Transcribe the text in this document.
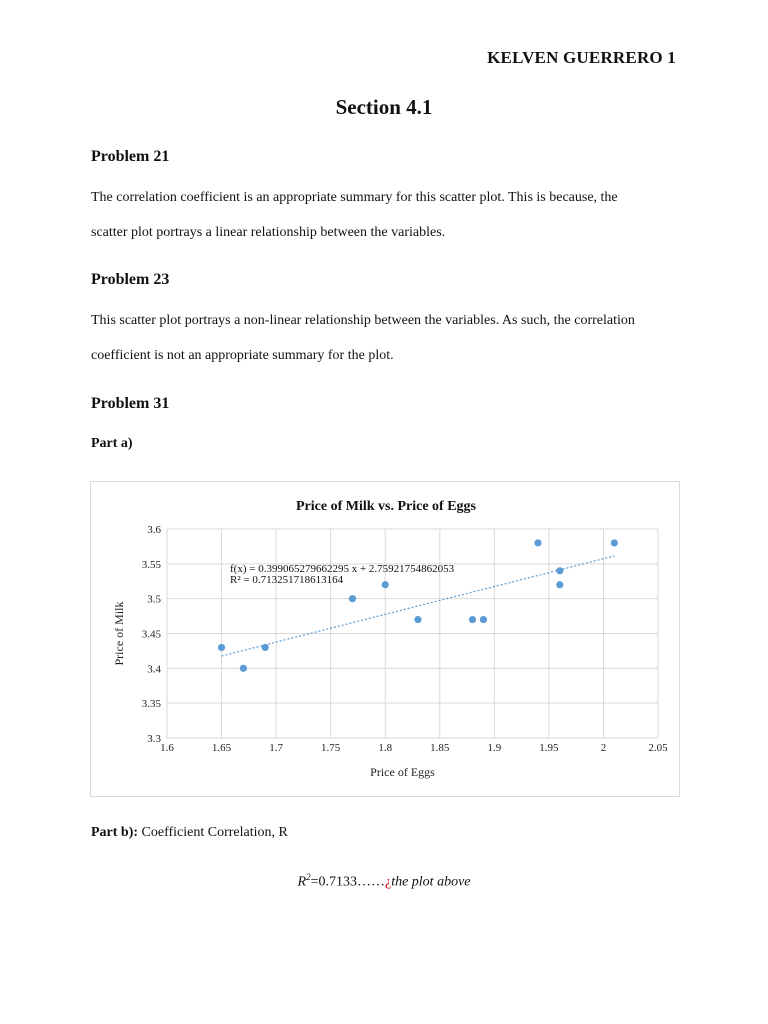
KELVEN GUERRERO 1
Section 4.1
Problem 21
The correlation coefficient is an appropriate summary for this scatter plot. This is because, the
scatter plot portrays a linear relationship between the variables.
Problem 23
This scatter plot portrays a non-linear relationship between the variables. As such, the correlation
coefficient is not an appropriate summary for the plot.
Problem 31
Part a)
Price of Milk vs. Price of Eggs
3.3
3.35
3.4
3.45
3.5
3.55
3.6
1.6	1.65	1.7	1.75	1.8	1.85	1.9	1.95	2	2.05
Price of Eggs
Price of Milk
f(x) = 0.399065279662295 x + 2.75921754862053
R² = 0.713251718613164
Part b): Coefficient Correlation, R
$R^2=0.7133\dots\dots¿the$ plot above
